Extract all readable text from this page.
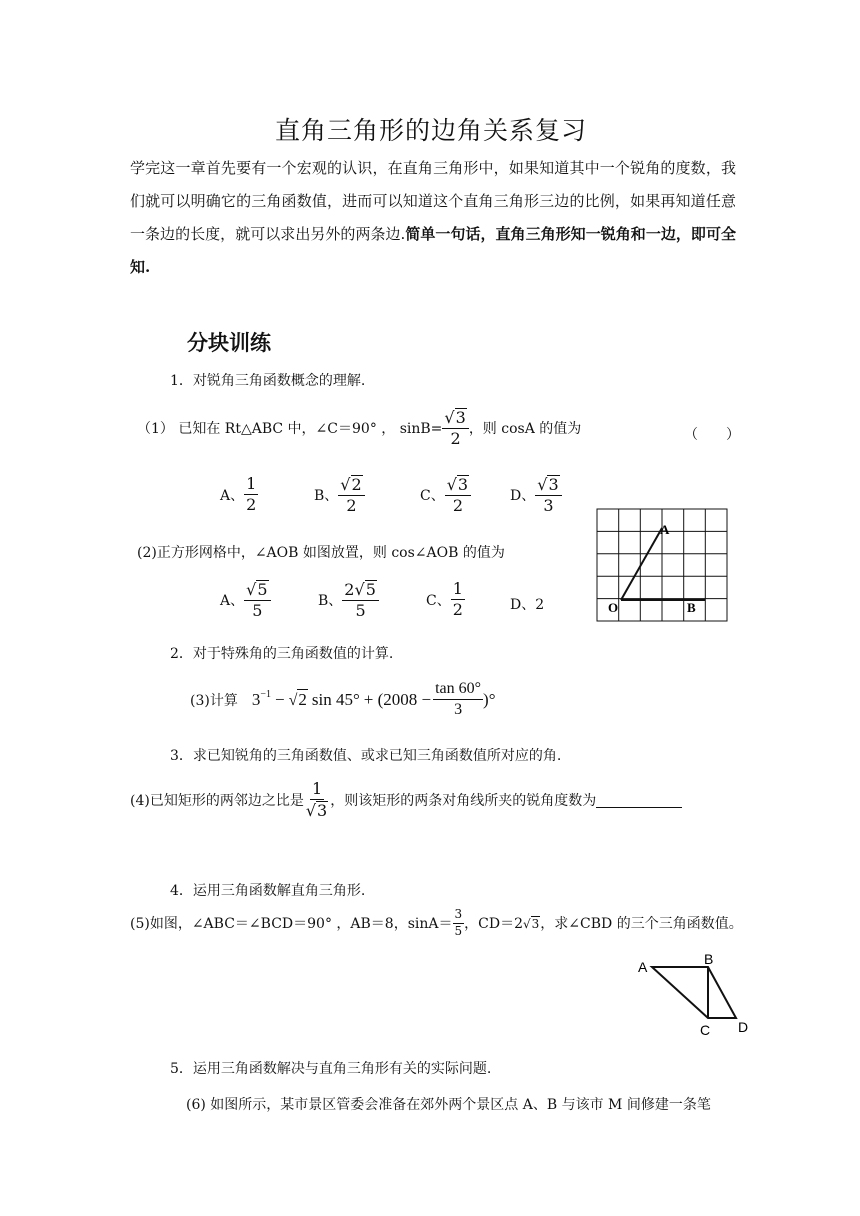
直角三角形的边角关系复习
学完这一章首先要有一个宏观的认识，在直角三角形中，如果知道其中一个锐角的度数，我们就可以明确它的三角函数值，进而可以知道这个直角三角形三边的比例，如果再知道任意一条边的长度，就可以求出另外的两条边.简单一句话，直角三角形知一锐角和一边，即可全知.
分块训练
1．对锐角三角函数概念的理解.
（1） 已知在 Rt△ABC 中，∠C＝90° ， $\sin B= \frac{√ 3}{2}$ ，则 cosA 的值为	（　　）
A、 $\frac{1}{2}$	B、 $\frac{√ 2}{2}$	C、 $\frac{√ 3}{2}$	D、 $\frac{√ 3}{3}$
A
O	B
(2)正方形网格中，∠AOB 如图放置，则 cos∠AOB 的值为
A、 $\frac{√ 5}{5}$	B、 $\frac{2 √ 5}{5}$	C、 $\frac{1}{2}$	D、2
2．对于特殊角的三角函数值的计算.
(3)计算 $3^{-1}$ − √ 2 $\sin 45^\circ + (2008 - \frac{\tan 60^\circ}{3}$ )°
3．求已知锐角的三角函数值、或求已知三角函数值所对应的角.
(4)已知矩形的两邻边之比是 $\frac{1}{√ 3}$ ，则该矩形的两条对角线所夹的锐角度数为
4．运用三角函数解直角三角形.
(5)如图，∠ABC＝∠BCD＝90° ，AB＝8，$\sin A= \frac{3}{5}$ ，CD＝2 √ 3 ，求∠CBD 的三个三角函数值。
A	B
C D
5．运用三角函数解决与直角三角形有关的实际问题.
(6) 如图所示，某市景区管委会准备在郊外两个景区点 A、B 与该市 M 间修建一条笔
